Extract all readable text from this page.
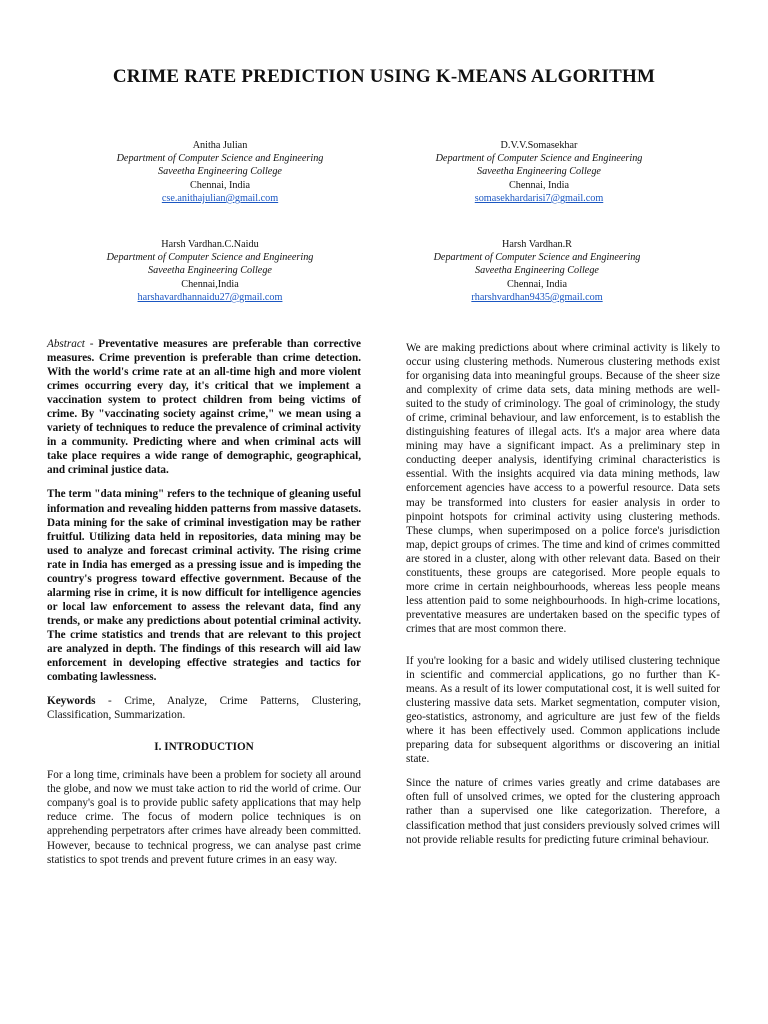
CRIME RATE PREDICTION USING K-MEANS ALGORITHM
Anitha Julian
Department of Computer Science and Engineering
Saveetha Engineering College
Chennai, India
cse.anithajulian@gmail.com
D.V.V.Somasekhar
Department of Computer Science and Engineering
Saveetha Engineering College
Chennai, India
somasekhardarisi7@gmail.com
Harsh Vardhan.C.Naidu
Department of Computer Science and Engineering
Saveetha Engineering College
Chennai,India
harshavardhannaidu27@gmail.com
Harsh Vardhan.R
Department of Computer Science and Engineering
Saveetha Engineering College
Chennai, India
rharshvardhan9435@gmail.com

Abstract - Preventative measures are preferable than corrective measures. Crime prevention is preferable than crime detection. With the world's crime rate at an all-time high and more violent crimes occurring every day, it's critical that we implement a vaccination system to protect children from being victims of crime. By "vaccinating society against crime," we mean using a variety of techniques to reduce the prevalence of criminal activity in a community. Predicting where and when criminal acts will take place requires a wide range of demographic, geographical, and criminal justice data.

The term "data mining" refers to the technique of gleaning useful information and revealing hidden patterns from massive datasets. Data mining for the sake of criminal investigation may be rather fruitful. Utilizing data held in repositories, data mining may be used to analyze and forecast criminal activity. The rising crime rate in India has emerged as a pressing issue and is impeding the country's progress toward effective government. Because of the alarming rise in crime, it is now difficult for intelligence agencies or local law enforcement to assess the relevant data, find any trends, or make any predictions about potential criminal activity. The crime statistics and trends that are relevant to this project are analyzed in depth. The findings of this research will aid law enforcement in developing effective strategies and tactics for combating lawlessness.

Keywords - Crime, Analyze, Crime Patterns, Clustering, Classification, Summarization.

I. INTRODUCTION

For a long time, criminals have been a problem for society all around the globe, and now we must take action to rid the world of crime. Our company's goal is to provide public safety applications that may help reduce crime. The focus of modern police techniques is on apprehending perpetrators after crimes have already been committed. However, because to technical progress, we can analyse past crime statistics to spot trends and prevent future crimes in an easy way.

We are making predictions about where criminal activity is likely to occur using clustering methods. Numerous clustering methods exist for organising data into meaningful groups. Because of the sheer size and complexity of crime data sets, data mining methods are well-suited to the study of criminology. The goal of criminology, the study of crime, criminal behaviour, and law enforcement, is to establish the distinguishing features of illegal acts. It's a major area where data mining may have a significant impact. As a preliminary step in conducting deeper analysis, identifying criminal characteristics is essential. With the insights acquired via data mining methods, law enforcement agencies have access to a powerful resource. Data sets may be transformed into clusters for easier analysis in order to pinpoint hotspots for criminal activity using clustering methods. These clumps, when superimposed on a police force's jurisdiction map, depict groups of crimes. The time and kind of crimes committed are stored in a cluster, along with other relevant data. Based on their constituents, these groups are categorised. More people equals to more crime in certain neighbourhoods, whereas less people means less attention paid to some neighbourhoods. In high-crime locations, preventative measures are undertaken based on the specific types of crimes that are most common there.

If you're looking for a basic and widely utilised clustering technique in scientific and commercial applications, go no further than K-means. As a result of its lower computational cost, it is well suited for clustering massive data sets. Market segmentation, computer vision, geo-statistics, astronomy, and agriculture are just few of the fields where it has been effectively used. Common applications include preparing data for subsequent algorithms or discovering an initial state.

Since the nature of crimes varies greatly and crime databases are often full of unsolved crimes, we opted for the clustering approach rather than a supervised one like categorization. Therefore, a classification method that just considers previously solved crimes will not provide reliable results for predicting future criminal behaviour.
